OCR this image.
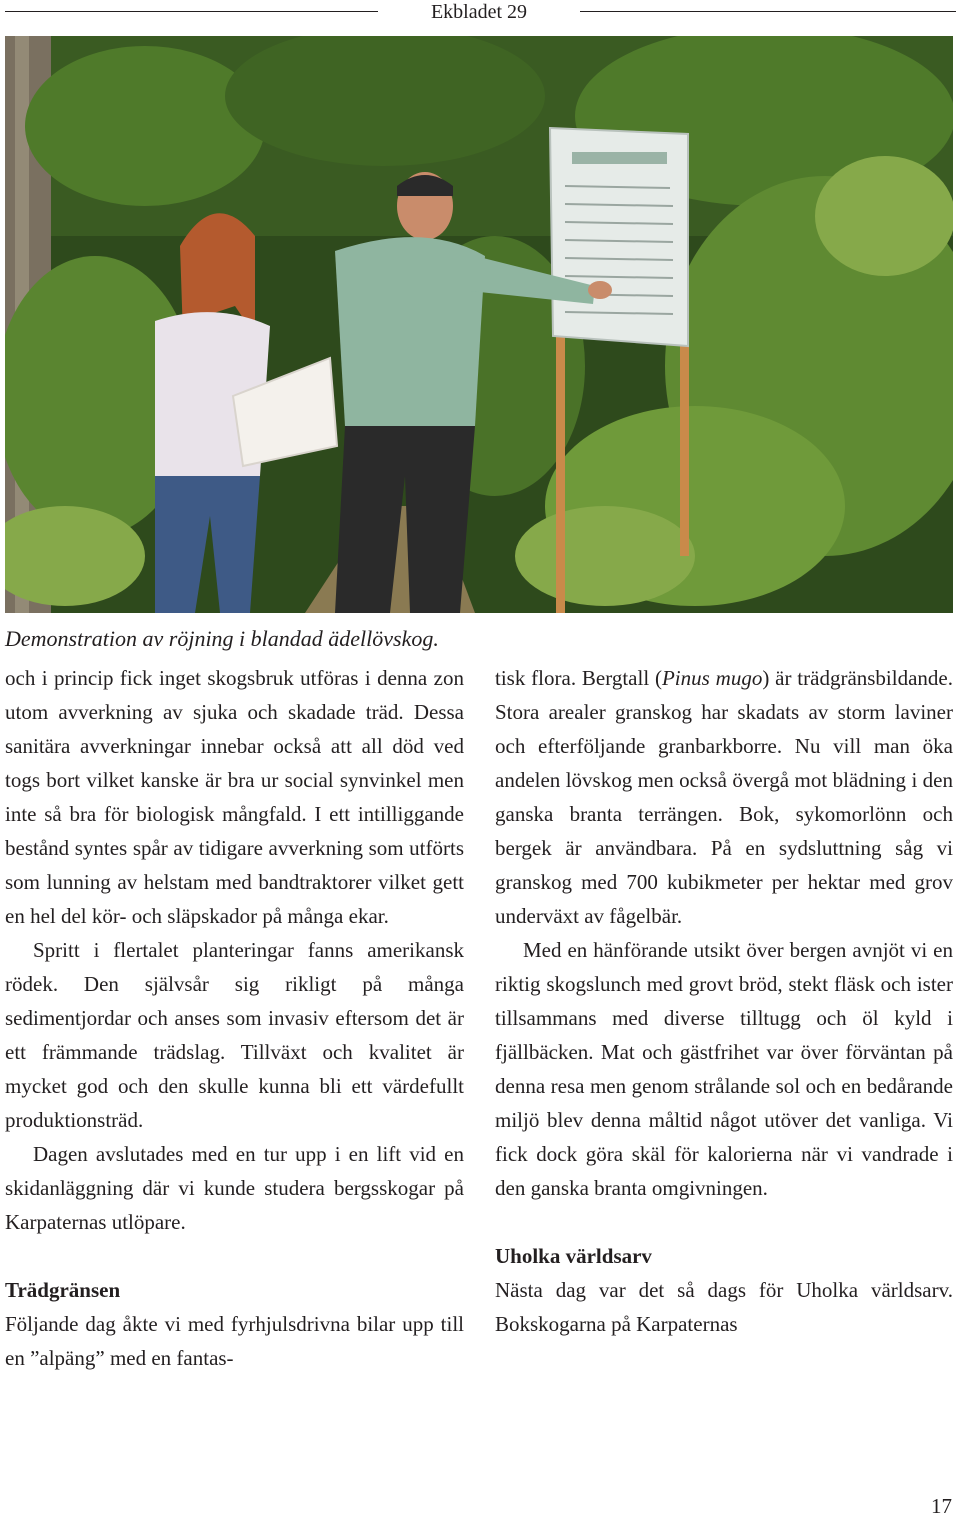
Ekbladet 29
Demonstration av röjning i blandad ädellövskog.

och i princip fick inget skogsbruk utföras i denna zon utom avverkning av sjuka och skadade träd. Dessa sanitära avverkningar innebar också att all död ved togs bort vilket kanske är bra ur social synvinkel men inte så bra för biologisk mångfald. I ett intilliggande bestånd syntes spår av tidigare avverkning som utförts som lunning av helstam med bandtraktorer vilket gett en hel del kör- och släpskador på många ekar.

Spritt i flertalet planteringar fanns amerikansk rödek. Den självsår sig rikligt på många sedimentjordar och anses som invasiv eftersom det är ett främmande trädslag. Tillväxt och kvalitet är mycket god och den skulle kunna bli ett värdefullt produktionsträd.

Dagen avslutades med en tur upp i en lift vid en skidanläggning där vi kunde studera bergsskogar på Karpaternas utlöpare.

Trädgränsen

Följande dag åkte vi med fyrhjulsdrivna bilar upp till en ”alpäng” med en fantas-

tisk flora. Bergtall (Pinus mugo) är trädgränsbildande. Stora arealer granskog har skadats av storm laviner och efterföljande granbarkborre. Nu vill man öka andelen lövskog men också övergå mot blädning i den ganska branta terrängen. Bok, sykomorlönn och bergek är användbara. På en sydsluttning såg vi granskog med 700 kubikmeter per hektar med grov underväxt av fågelbär.

Med en hänförande utsikt över bergen avnjöt vi en riktig skogslunch med grovt bröd, stekt fläsk och ister tillsammans med diverse tilltugg och öl kyld i fjällbäcken. Mat och gästfrihet var över förväntan på denna resa men genom strålande sol och en bedårande miljö blev denna måltid något utöver det vanliga. Vi fick dock göra skäl för kalorierna när vi vandrade i den ganska branta omgivningen.

Uholka världsarv

Nästa dag var det så dags för Uholka världsarv. Bokskogarna på Karpaternas

17
